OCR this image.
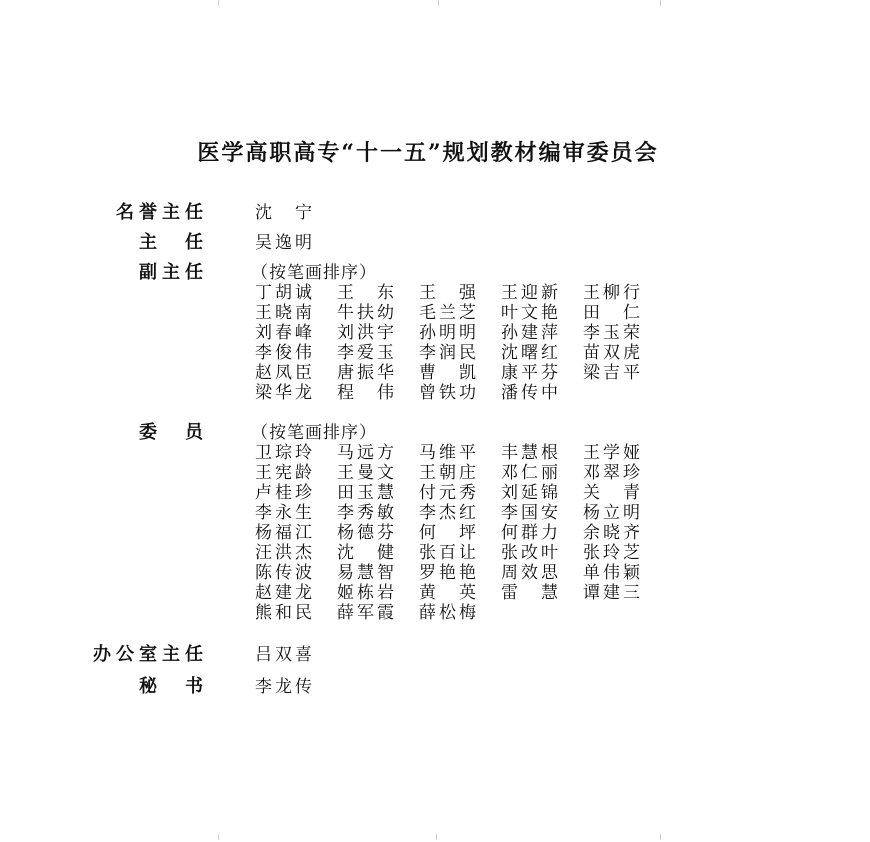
医学高职高专“十一五”规划教材编审委员会
名誉主任	沈　宁
主　任	吴逸明
副主任	（按笔画排序）
丁胡诚	王　东	王　强	王迎新	王柳行
王晓南	牛扶幼	毛兰芝	叶文艳	田　仁
刘春峰	刘洪宇	孙明明	孙建萍	李玉荣
李俊伟	李爱玉	李润民	沈曙红	苗双虎
赵凤臣	唐振华	曹　凯	康平芬	梁吉平
梁华龙	程　伟	曾铁功	潘传中
委　员	（按笔画排序）
卫琮玲	马远方	马维平	丰慧根	王学娅
王宪龄	王曼文	王朝庄	邓仁丽	邓翠珍
卢桂珍	田玉慧	付元秀	刘延锦	关　青
李永生	李秀敏	李杰红	李国安	杨立明
杨福江	杨德芬	何　坪	何群力	余晓齐
汪洪杰	沈　健	张百让	张改叶	张玲芝
陈传波	易慧智	罗艳艳	周效思	单伟颖
赵建龙	姬栋岩	黄　英	雷　慧	谭建三
熊和民	薛军霞	薛松梅
办公室主任	吕双喜
秘　书	李龙传
